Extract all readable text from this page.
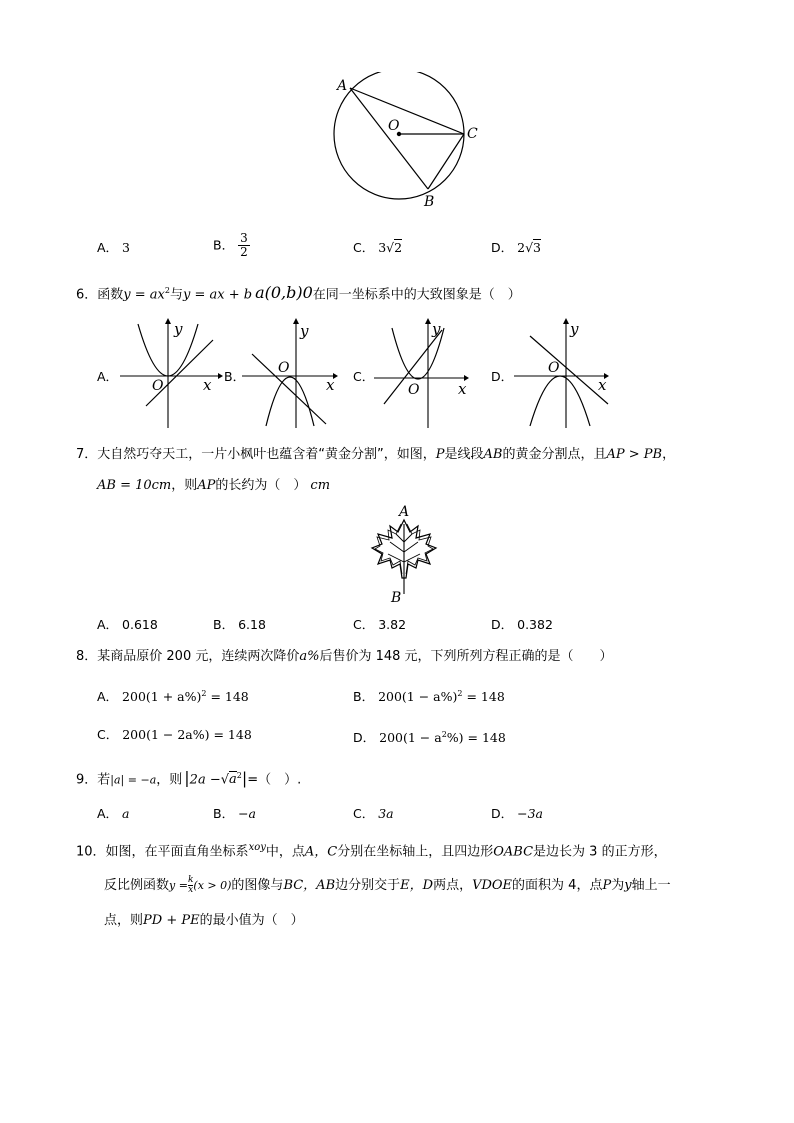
A
O	C
B
A． 3	B． $\frac{3}{2}$	C． 3√2	D． 2√3
6．函数$y = ax^2$与y = ax + b a(0,b)0在同一坐标系中的大致图象是（　）
A．	B．	C．	D．
y
x
O
y
x
O
y
x
O
y
x
O
7．大自然巧夺天工，一片小枫叶也蕴含着“黄金分割”，如图，P是线段AB的黄金分割点，且AP > PB，
AB = 10cm，则AP的长约为（　） cm
A
B
A． 0.618	B． 6.18	C． 3.82	D． 0.382
8．某商品原价 200 元，连续两次降价a%后售价为 148 元，下列所列方程正确的是（　　）
A． $200(1 + a\%)^2 = 148$	B． $200(1 - a\%)^2 = 148$
C． 200(1 − 2a%) = 148	D． $200(1 - a^2\%) = 148$
9．若|a| = −a，则 $|2a -√a^2|=$（　）.
A． a	B． −a	C． 3a	D． −3a
10．如图，在平面直角坐标系$^{xoy}$中，点A，C分别在坐标轴上，且四边形OABC是边长为 3 的正方形，
反比例函数$y = \frac{k}{x} (x > 0)$的图像与BC，AB边分别交于E，D两点，VDOE的面积为 4，点P为y轴上一
点，则PD + PE的最小值为（　）
